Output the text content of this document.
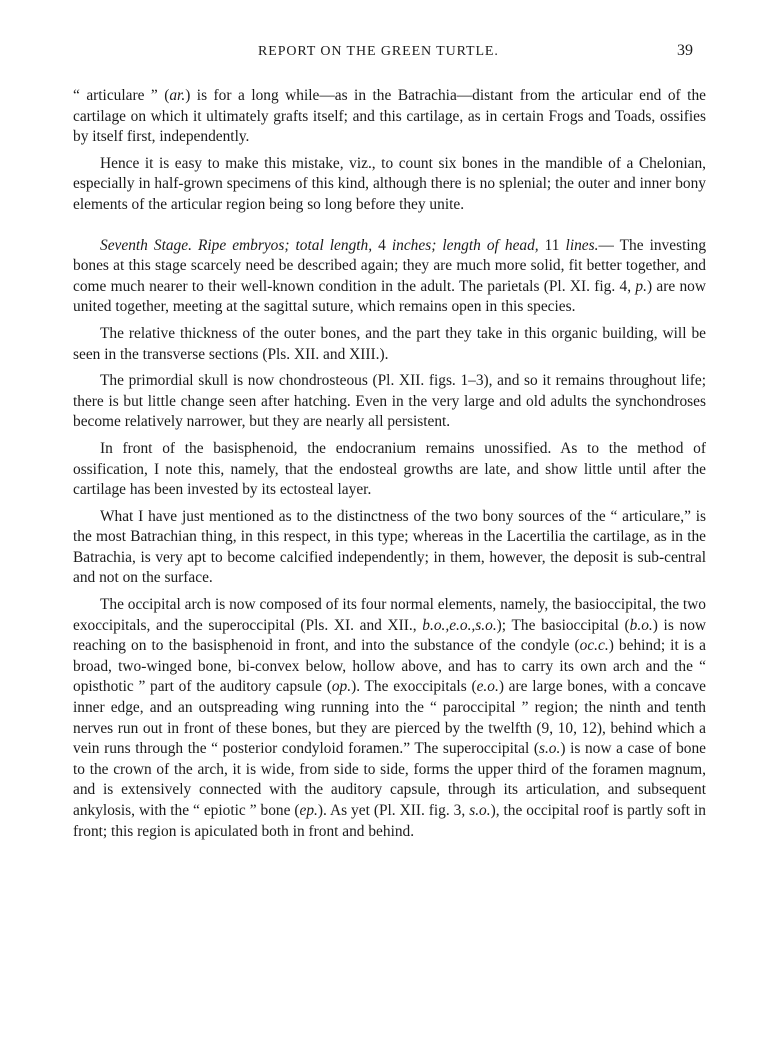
REPORT ON THE GREEN TURTLE.	39

“ articulare ” (ar.) is for a long while—as in the Batrachia—distant from the articular end of the cartilage on which it ultimately grafts itself; and this cartilage, as in certain Frogs and Toads, ossifies by itself first, independently.

Hence it is easy to make this mistake, viz., to count six bones in the mandible of a Chelonian, especially in half-grown specimens of this kind, although there is no splenial; the outer and inner bony elements of the articular region being so long before they unite.

Seventh Stage. Ripe embryos; total length, 4 inches; length of head, 11 lines.— The investing bones at this stage scarcely need be described again; they are much more solid, fit better together, and come much nearer to their well-known condition in the adult. The parietals (Pl. XI. fig. 4, p.) are now united together, meeting at the sagittal suture, which remains open in this species.

The relative thickness of the outer bones, and the part they take in this organic building, will be seen in the transverse sections (Pls. XII. and XIII.).

The primordial skull is now chondrosteous (Pl. XII. figs. 1–3), and so it remains throughout life; there is but little change seen after hatching. Even in the very large and old adults the synchondroses become relatively narrower, but they are nearly all persistent.

In front of the basisphenoid, the endocranium remains unossified. As to the method of ossification, I note this, namely, that the endosteal growths are late, and show little until after the cartilage has been invested by its ectosteal layer.

What I have just mentioned as to the distinctness of the two bony sources of the “ articulare,” is the most Batrachian thing, in this respect, in this type; whereas in the Lacertilia the cartilage, as in the Batrachia, is very apt to become calcified independently; in them, however, the deposit is sub-central and not on the surface.

The occipital arch is now composed of its four normal elements, namely, the basioccipital, the two exoccipitals, and the superoccipital (Pls. XI. and XII., b.o.,e.o.,s.o.); The basioccipital (b.o.) is now reaching on to the basisphenoid in front, and into the substance of the condyle (oc.c.) behind; it is a broad, two-winged bone, bi-convex below, hollow above, and has to carry its own arch and the “ opisthotic ” part of the auditory capsule (op.). The exoccipitals (e.o.) are large bones, with a concave inner edge, and an outspreading wing running into the “ paroccipital ” region; the ninth and tenth nerves run out in front of these bones, but they are pierced by the twelfth (9, 10, 12), behind which a vein runs through the “ posterior condyloid foramen.” The superoccipital (s.o.) is now a case of bone to the crown of the arch, it is wide, from side to side, forms the upper third of the foramen magnum, and is extensively connected with the auditory capsule, through its articulation, and subsequent ankylosis, with the “ epiotic ” bone (ep.). As yet (Pl. XII. fig. 3, s.o.), the occipital roof is partly soft in front; this region is apiculated both in front and behind.
